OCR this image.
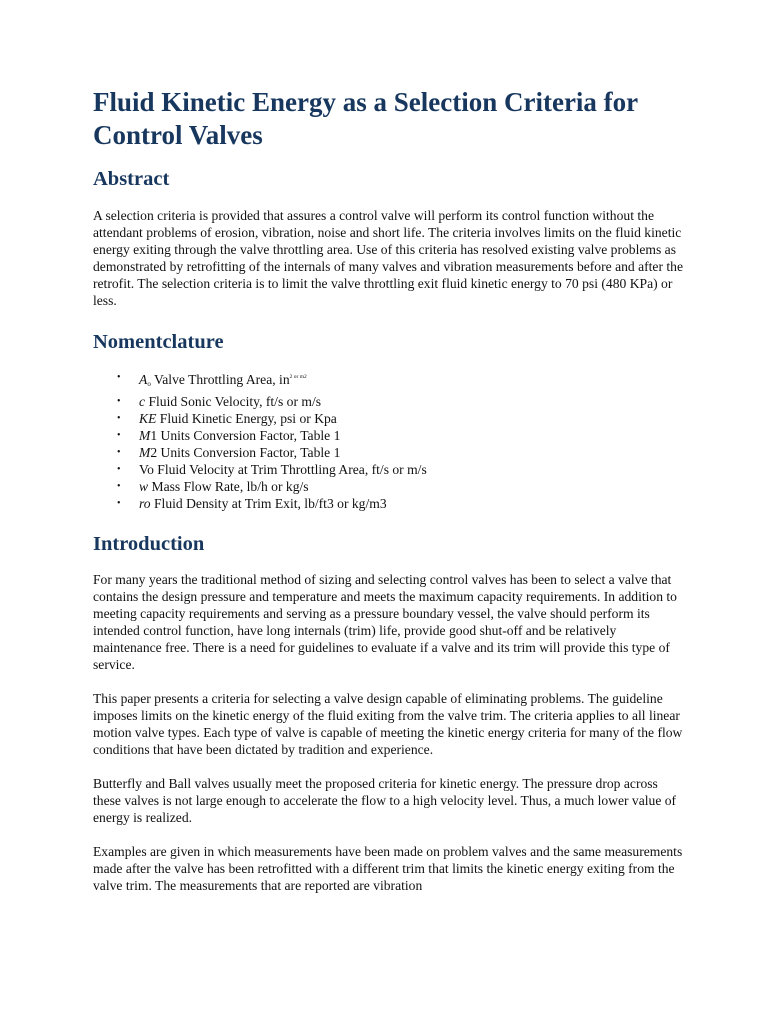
Fluid Kinetic Energy as a Selection Criteria for Control Valves
Abstract

A selection criteria is provided that assures a control valve will perform its control function without the attendant problems of erosion, vibration, noise and short life. The criteria involves limits on the fluid kinetic energy exiting through the valve throttling area. Use of this criteria has resolved existing valve problems as demonstrated by retrofitting of the internals of many valves and vibration measurements before and after the retrofit. The selection criteria is to limit the valve throttling exit fluid kinetic energy to 70 psi (480 KPa) or less.

Nomentclature
• $A_o$ Valve Throttling Area, $in^{2 or m2}$
• c Fluid Sonic Velocity, ft/s or m/s
• KE Fluid Kinetic Energy, psi or Kpa
• M1 Units Conversion Factor, Table 1
• M2 Units Conversion Factor, Table 1
• Vo Fluid Velocity at Trim Throttling Area, ft/s or m/s
• w Mass Flow Rate, lb/h or kg/s
• ro Fluid Density at Trim Exit, lb/ft3 or kg/m3
Introduction

For many years the traditional method of sizing and selecting control valves has been to select a valve that contains the design pressure and temperature and meets the maximum capacity requirements. In addition to meeting capacity requirements and serving as a pressure boundary vessel, the valve should perform its intended control function, have long internals (trim) life, provide good shut-off and be relatively maintenance free. There is a need for guidelines to evaluate if a valve and its trim will provide this type of service.

This paper presents a criteria for selecting a valve design capable of eliminating problems. The guideline imposes limits on the kinetic energy of the fluid exiting from the valve trim. The criteria applies to all linear motion valve types. Each type of valve is capable of meeting the kinetic energy criteria for many of the flow conditions that have been dictated by tradition and experience.

Butterfly and Ball valves usually meet the proposed criteria for kinetic energy. The pressure drop across these valves is not large enough to accelerate the flow to a high velocity level. Thus, a much lower value of energy is realized.

Examples are given in which measurements have been made on problem valves and the same measurements made after the valve has been retrofitted with a different trim that limits the kinetic energy exiting from the valve trim. The measurements that are reported are vibration
